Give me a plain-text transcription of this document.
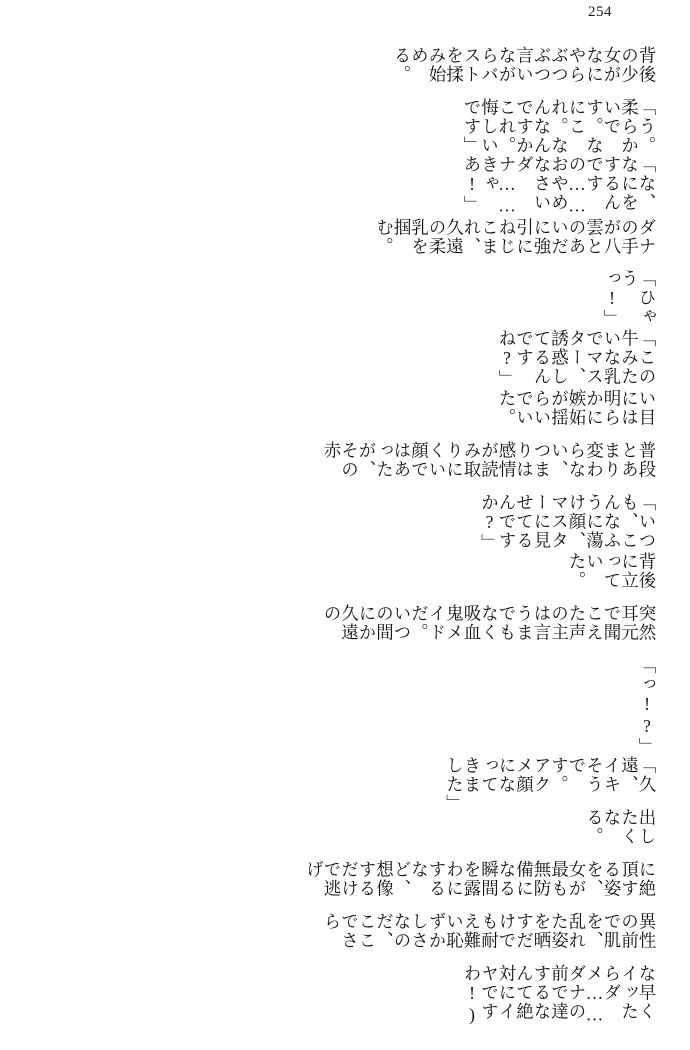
254
な早くイッたらダメ……ダナの前で達するなんて絶対にイヤですわ!)
異性の前で肌を、乱れた姿を晒すだけでも耐え難い恥ずかしさなのだ、ここでさら
に絶頂する姿を、女が最も無防備になる瞬間を露わにするなど、想像するだけで逃げ
出したくなる。
「久遠、イキそうです。アクメ顔になってきました」
「っ!?」
突然耳元で聞こえた声の主は言うまでもなく吸血鬼メイドだ。いつの間にか久遠の
背後に立っていた。
「いつも、こんなふうに蕩け顔、マスターに見せてるんですか?」
普段とあまり変わらない、つまりは感情が読み取りにくい顔ではあったが、その赤
い目には明らかに嫉妬が揺らいでいた。
「この牛みたいな乳でマスター、誘惑してるんですね?」
「ひゃうっ!」
ダナの手が八雲とのあいだに強引にねじこまれ、久遠の柔乳を掴む。
「な、なにをするんですの……おやめなさいダナ……きゃあ!」
「う。柔らかいです。なにこれ。なんなんですかこれ。悔しいです」
背後の少女がなにやらぶつぶつ言いながらバストを揉み始める。
